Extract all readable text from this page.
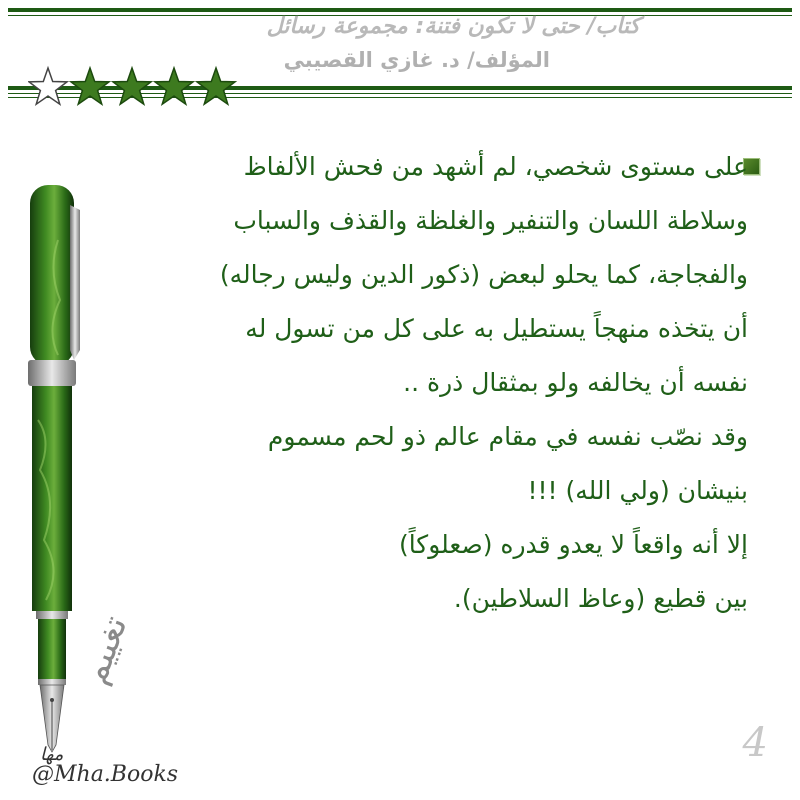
كتاب/ حتى لا تكون فتنة: مجموعة رسائل
المؤلف/ د. غازي القصيبي
على مستوى شخصي، لم أشهد من فحش الألفاظ
وسلاطة اللسان والتنفير والغلظة والقذف والسباب
والفجاجة، كما يحلو لبعض (ذكور الدين وليس رجاله)
أن يتخذه منهجاً يستطيل به على كل من تسول له
نفسه أن يخالفه ولو بمثقال ذرة ..
وقد نصّب نفسه في مقام عالم ذو لحم مسموم
بنيشان (ولي الله) !!!
إلا أنه واقعاً لا يعدو قدره (صعلوكاً)
بين قطيع (وعاظ السلاطين).
تغييم
مها
@Mha.Books
4
